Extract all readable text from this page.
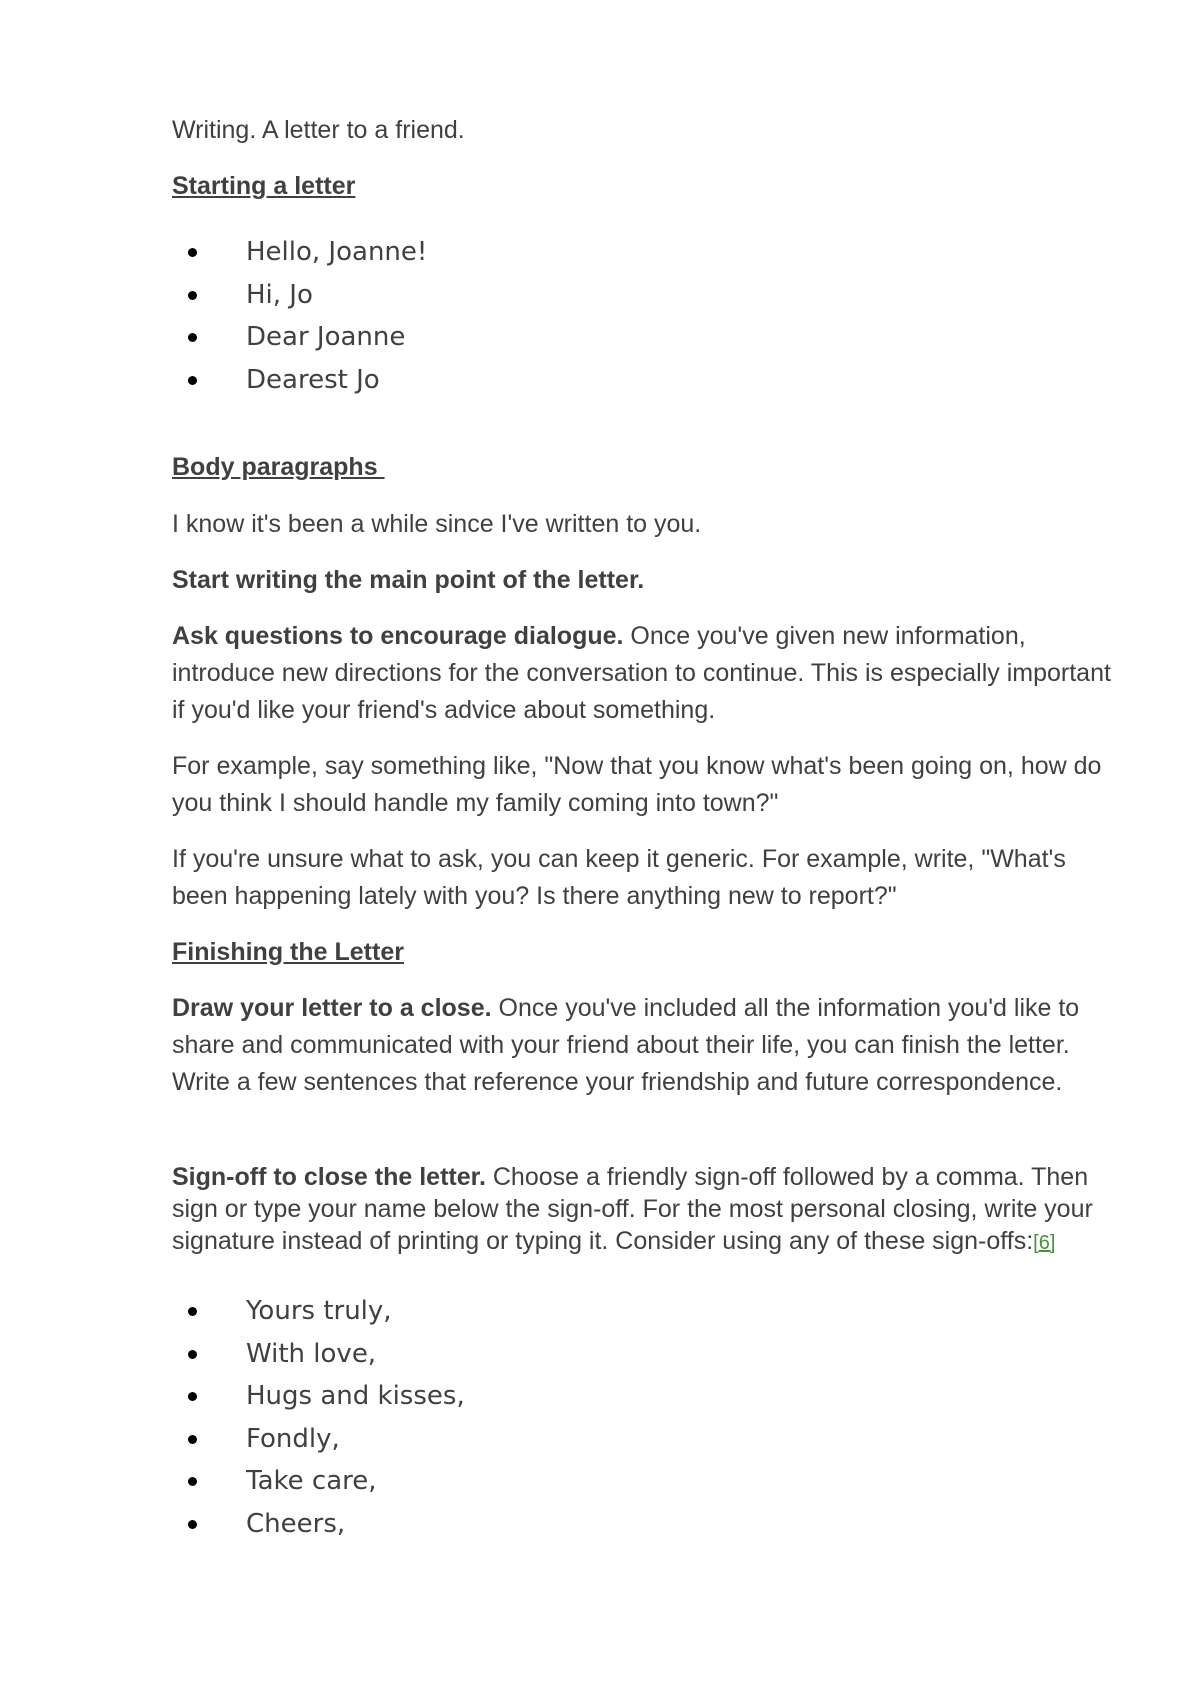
Writing. A letter to a friend.

Starting a letter

Hello, Joanne!
Hi, Jo
Dear Joanne
Dearest Jo

Body paragraphs

I know it's been a while since I've written to you.

Start writing the main point of the letter.

Ask questions to encourage dialogue. Once you've given new information, introduce new directions for the conversation to continue. This is especially important if you'd like your friend's advice about something.

For example, say something like, "Now that you know what's been going on, how do you think I should handle my family coming into town?"

If you're unsure what to ask, you can keep it generic. For example, write, "What's been happening lately with you? Is there anything new to report?"

Finishing the Letter

Draw your letter to a close. Once you've included all the information you'd like to share and communicated with your friend about their life, you can finish the letter. Write a few sentences that reference your friendship and future correspondence.

Sign-off to close the letter. Choose a friendly sign-off followed by a comma. Then sign or type your name below the sign-off. For the most personal closing, write your signature instead of printing or typing it. Consider using any of these sign-offs:[6]

Yours truly,
With love,
Hugs and kisses,
Fondly,
Take care,
Cheers,
